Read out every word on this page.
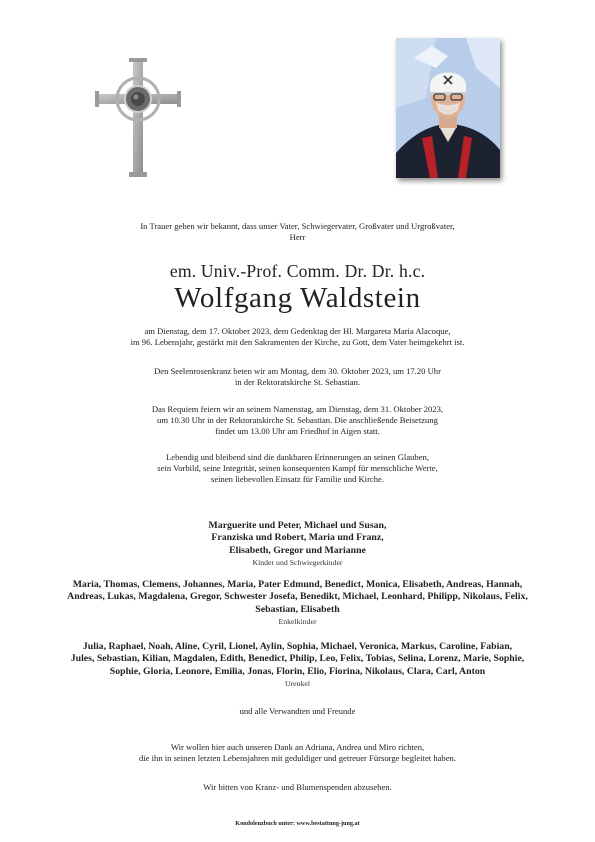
In Trauer geben wir bekannt, dass unser Vater, Schwiegervater, Großvater und Urgroßvater,
Herr
em. Univ.-Prof. Comm. Dr. Dr. h.c.
Wolfgang Waldstein
am Dienstag, dem 17. Oktober 2023, dem Gedenktag der Hl. Margareta Maria Alacoque,
im 96. Lebensjahr, gestärkt mit den Sakramenten der Kirche, zu Gott, dem Vater heimgekehrt ist.
Den Seelenrosenkranz beten wir am Montag, dem 30. Oktober 2023, um 17.20 Uhr
in der Rektoratskirche St. Sebastian.
Das Requiem feiern wir an seinem Namenstag, am Dienstag, dem 31. Oktober 2023,
um 10.30 Uhr in der Rektoratskirche St. Sebastian. Die anschließende Beisetzung
findet um 13.00 Uhr am Friedhof in Aigen statt.
Lebendig und bleibend sind die dankbaren Erinnerungen an seinen Glauben,
sein Vorbild, seine Integrität, seinen konsequenten Kampf für menschliche Werte,
seinen liebevollen Einsatz für Familie und Kirche.
Marguerite und Peter, Michael und Susan,
Franziska und Robert, Maria und Franz,
Elisabeth, Gregor und Marianne
Kinder und Schwiegerkinder
Maria, Thomas, Clemens, Johannes, Maria, Pater Edmund, Benedict, Monica, Elisabeth, Andreas, Hannah,
Andreas, Lukas, Magdalena, Gregor, Schwester Josefa, Benedikt, Michael, Leonhard, Philipp, Nikolaus, Felix,
Sebastian, Elisabeth
Enkelkinder
Julia, Raphael, Noah, Aline, Cyril, Lionel, Aylin, Sophia, Michael, Veronica, Markus, Caroline, Fabian,
Jules, Sebastian, Kilian, Magdalen, Edith, Benedict, Philip, Leo, Felix, Tobias, Selina, Lorenz, Marie, Sophie,
Sophie, Gloria, Leonore, Emilia, Jonas, Florin, Elio, Fiorina, Nikolaus, Clara, Carl, Anton
Urenkel
und alle Verwandten und Freunde
Wir wollen hier auch unseren Dank an Adriana, Andrea und Miro richten,
die ihn in seinen letzten Lebensjahren mit geduldiger und getreuer Fürsorge begleitet haben.
Wir bitten von Kranz- und Blumenspenden abzusehen.
Kondolenzbuch unter: www.bestattung-jung.at
